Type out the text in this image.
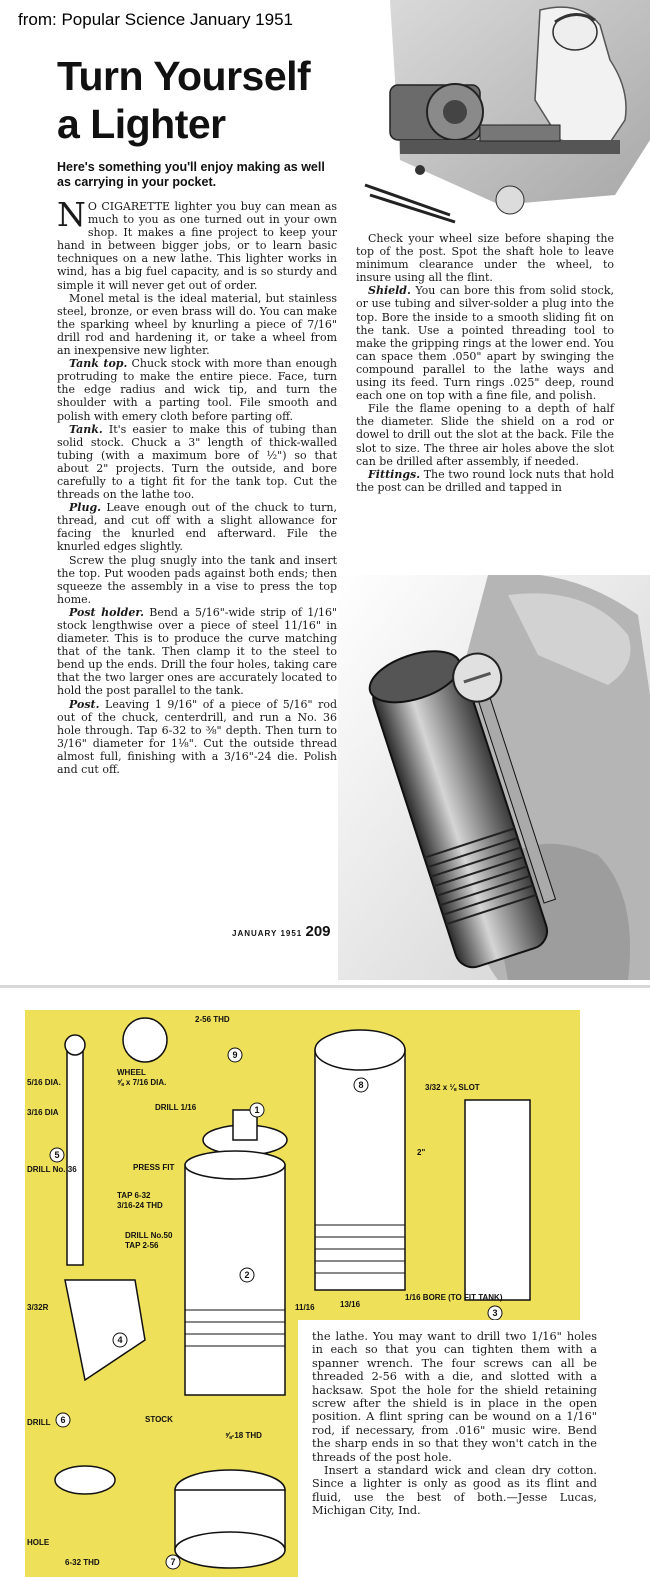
from: Popular Science January 1951
Turn Yourself
a Lighter
Here's something you'll enjoy making as well as carrying in your pocket.

N O CIGARETTE lighter you buy can mean as much to you as one turned out in your own shop. It makes a fine project to keep your hand in between bigger jobs, or to learn basic techniques on a new lathe. This lighter works in wind, has a big fuel capacity, and is so sturdy and simple it will never get out of order.

Monel metal is the ideal material, but stainless steel, bronze, or even brass will do. You can make the sparking wheel by knurling a piece of 7/16" drill rod and hardening it, or take a wheel from an inexpensive new lighter.

Tank top. Chuck stock with more than enough protruding to make the entire piece. Face, turn the edge radius and wick tip, and turn the shoulder with a parting tool. File smooth and polish with emery cloth before parting off.

Tank. It's easier to make this of tubing than solid stock. Chuck a 3" length of thick-walled tubing (with a maximum bore of ½") so that about 2" projects. Turn the outside, and bore carefully to a tight fit for the tank top. Cut the threads on the lathe too.

Plug. Leave enough out of the chuck to turn, thread, and cut off with a slight allowance for facing the knurled end afterward. File the knurled edges slightly.

Screw the plug snugly into the tank and insert the top. Put wooden pads against both ends; then squeeze the assembly in a vise to press the top home.

Post holder. Bend a 5/16"-wide strip of 1/16" stock lengthwise over a piece of steel 11/16" in diameter. This is to produce the curve matching that of the tank. Then clamp it to the steel to bend up the ends. Drill the four holes, taking care that the two larger ones are accurately located to hold the post parallel to the tank.

Post. Leaving 1 9/16" of a piece of 5/16" rod out of the chuck, centerdrill, and run a No. 36 hole through. Tap 6-32 to ⅜" depth. Then turn to 3/16" diameter for 1⅛". Cut the outside thread almost full, finishing with a 3/16"-24 die. Polish and cut off.

JANUARY 1951 209

Check your wheel size before shaping the top of the post. Spot the shaft hole to leave minimum clearance under the wheel, to insure using all the flint.

Shield. You can bore this from solid stock, or use tubing and silver-solder a plug into the top. Bore the inside to a smooth sliding fit on the tank. Use a pointed threading tool to make the gripping rings at the lower end. You can space them .050" apart by swinging the compound parallel to the lathe ways and using its feed. Turn rings .025" deep, round each one on top with a fine file, and polish.

File the flame opening to a depth of half the diameter. Slide the shield on a rod or dowel to drill out the slot at the back. File the slot to size. The three air holes above the slot can be drilled after assembly, if needed.

Fittings. The two round lock nuts that hold the post can be drilled and tapped in

2-56 THD
WHEEL
⅝ x 7/16 DIA.
5/16 DIA.
3/16 DIA
DRILL 1/16
PRESS FIT
DRILL No. 36
TAP 6-32
3/16-24 THD
DRILL No.50
TAP 2-56
⅝-18 THD
STOCK
3/32 x ⅛ SLOT
1/16 BORE (TO FIT TANK)
HOLE
6-32 THD
DRILL
2"
13/16
11/16
3/32R
1
2
3
4
5
6
7
8
9

the lathe. You may want to drill two 1/16" holes in each so that you can tighten them with a spanner wrench. The four screws can all be threaded 2-56 with a die, and slotted with a hacksaw. Spot the hole for the shield retaining screw after the shield is in place in the open position. A flint spring can be wound on a 1/16" rod, if necessary, from .016" music wire. Bend the sharp ends in so that they won't catch in the threads of the post hole.

Insert a standard wick and clean dry cotton. Since a lighter is only as good as its flint and fluid, use the best of both.—Jesse Lucas, Michigan City, Ind.
